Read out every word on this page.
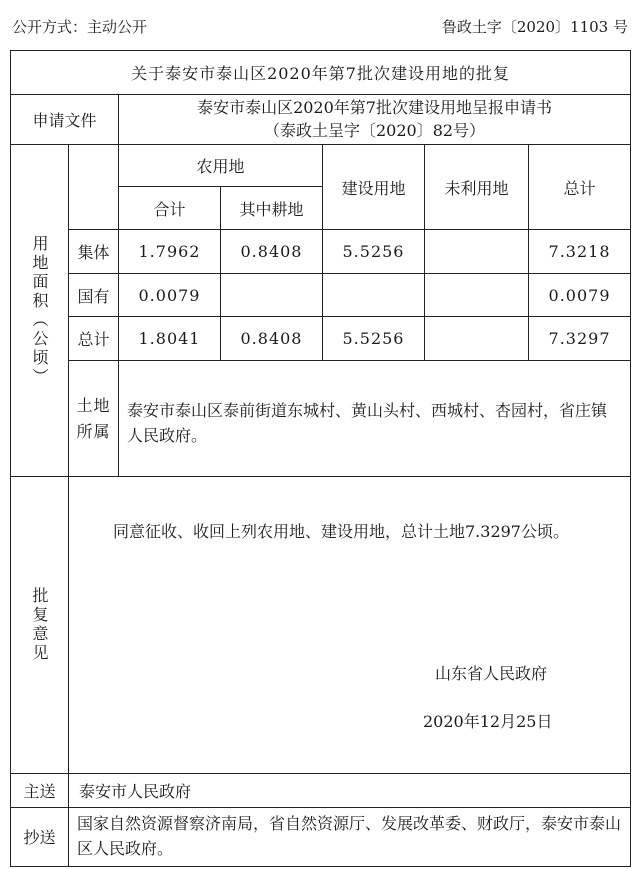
公开方式：主动公开	鲁政土字〔2020〕1103 号
关于泰安市泰山区2020年第7批次建设用地的批复						
申请文件		泰安市泰山区2020年第7批次建设用地呈报申请书
（泰政土呈字〔2020〕82号）				

用地面积（公顷）		农用地		建设用地	未利用地	总计
		合计	其中耕地			
	集体	1.7962	0.8408	5.5256		7.3218
	国有	0.0079				0.0079
	总计	1.8041	0.8408	5.5256		7.3297

	土地所属	泰安市泰山区泰前街道东城村、黄山头村、西城村、杏园村，省庄镇人民政府。				

批复意见	同意征收、收回上列农用地、建设用地，总计土地7.3297公顷。
山东省人民政府
2020年12月25日					

主送	泰安市人民政府					
抄送	国家自然资源督察济南局，省自然资源厅、发展改革委、财政厅，泰安市泰山区人民政府。					
